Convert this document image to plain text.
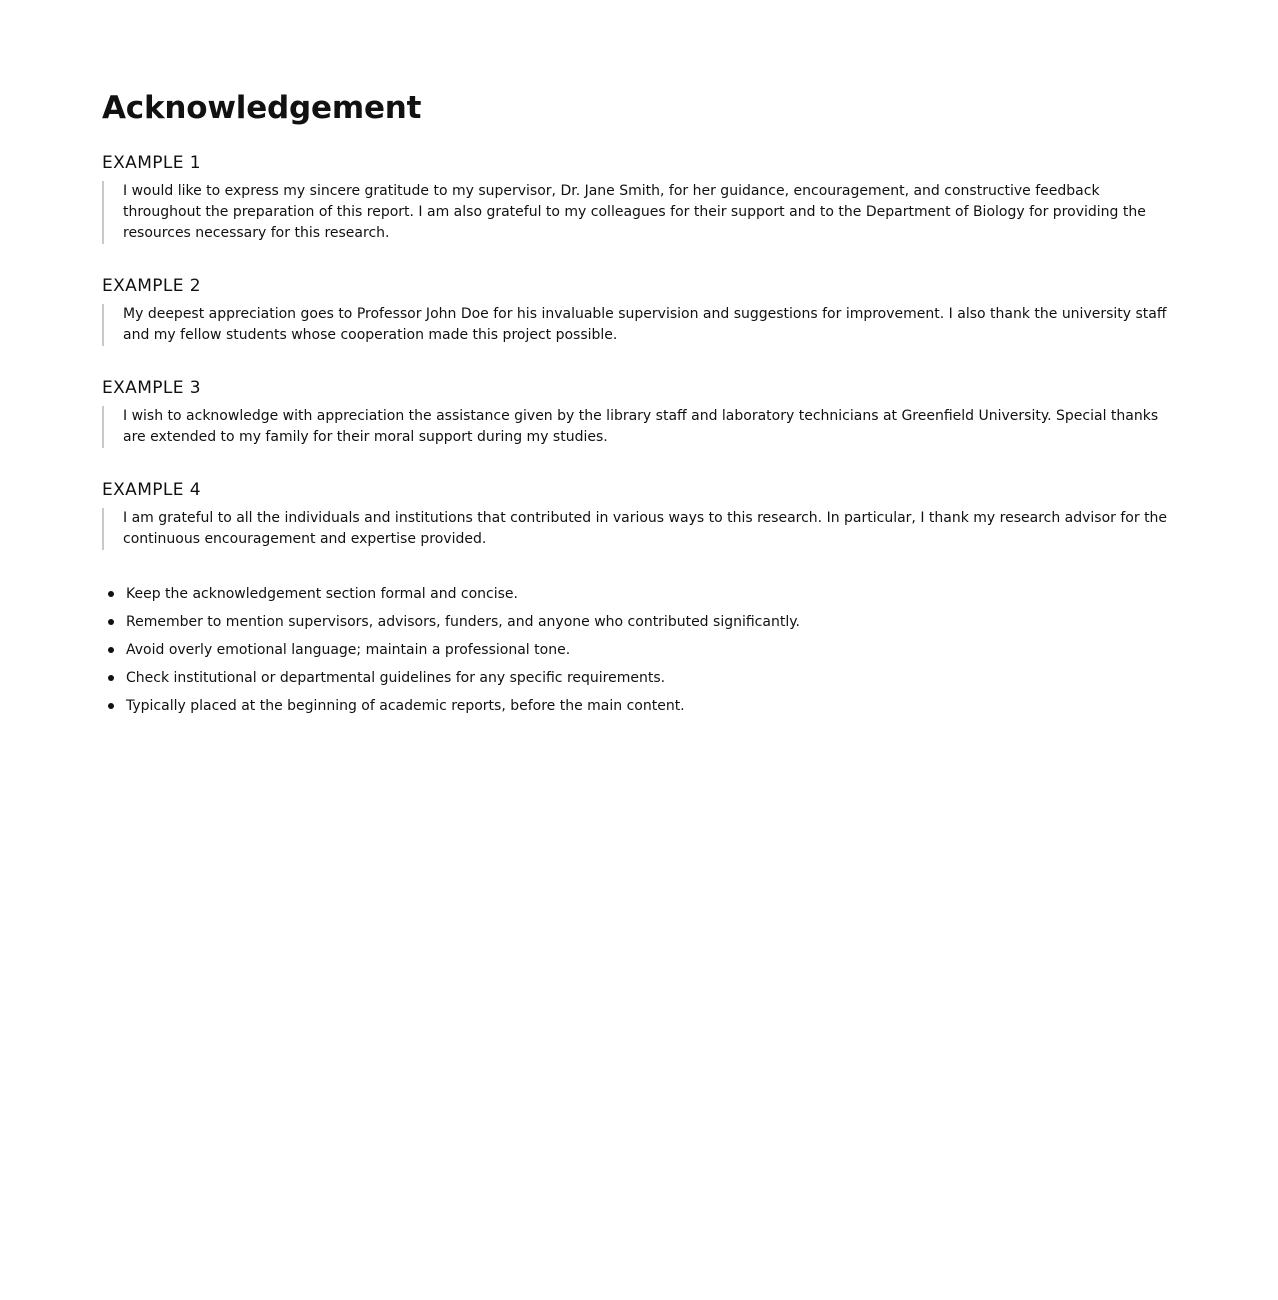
Acknowledgement
EXAMPLE 1
I would like to express my sincere gratitude to my supervisor, Dr. Jane Smith, for her guidance, encouragement, and constructive feedback throughout the preparation of this report. I am also grateful to my colleagues for their support and to the Department of Biology for providing the resources necessary for this research.
EXAMPLE 2
My deepest appreciation goes to Professor John Doe for his invaluable supervision and suggestions for improvement. I also thank the university staff and my fellow students whose cooperation made this project possible.
EXAMPLE 3
I wish to acknowledge with appreciation the assistance given by the library staff and laboratory technicians at Greenfield University. Special thanks are extended to my family for their moral support during my studies.
EXAMPLE 4
I am grateful to all the individuals and institutions that contributed in various ways to this research. In particular, I thank my research advisor for the continuous encouragement and expertise provided.
Keep the acknowledgement section formal and concise.
Remember to mention supervisors, advisors, funders, and anyone who contributed significantly.
Avoid overly emotional language; maintain a professional tone.
Check institutional or departmental guidelines for any specific requirements.
Typically placed at the beginning of academic reports, before the main content.
